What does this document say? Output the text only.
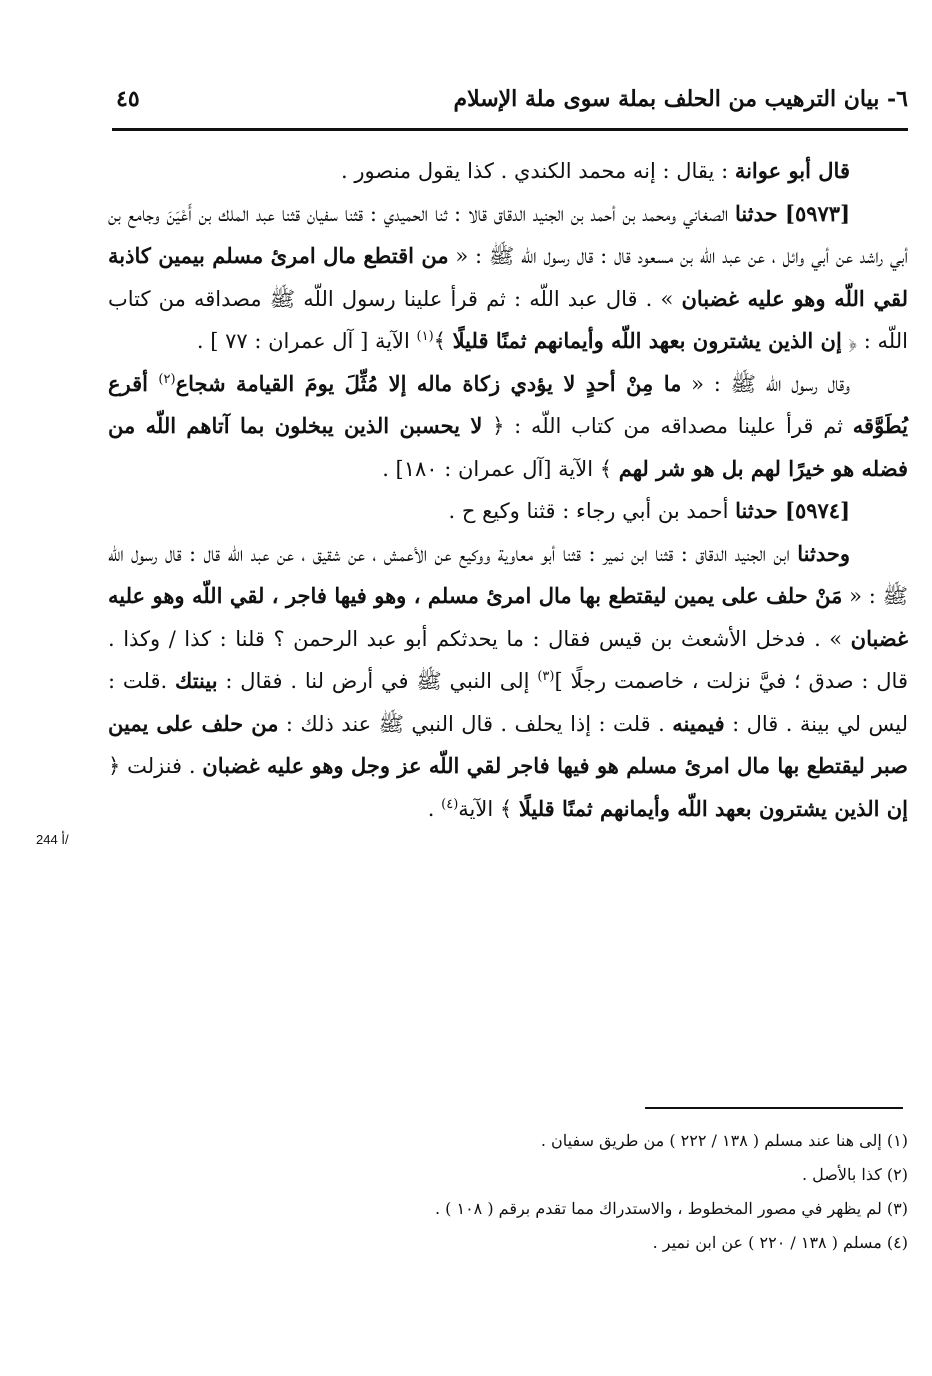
٦- بيان الترهيب من الحلف بملة سوى ملة الإسلام
٤٥
244 أ/

قال أبو عوانة : يقال : إنه محمد الكندي . كذا يقول منصور .

[٥٩٧٣] حدثنا الصغاني ومحمد بن أحمد بن الجنيد الدقاق قالا : ثنا الحميدي : قثنا سفيان قثنا عبد الملك بن أَعْيَنَ وجامع بن أبي راشد عن أبي وائل ، عن عبد اللّه بن مسعود قال : قال رسول اللّه ﷺ : « من اقتطع مال امرئ مسلم بيمين كاذبة لقي اللّه وهو عليه غضبان » . قال عبد اللّه : ثم قرأ علينا رسول اللّه ﷺ مصداقه من كتاب اللّه : ﴿ إن الذين يشترون بعهد اللّه وأيمانهم ثمنًا قليلًا ﴾$^{(١)}$ الآية [ آل عمران : ٧٧ ] .

وقال رسول اللّه ﷺ : « ما مِنْ أحدٍ لا يؤدي زكاة ماله إلا مُثِّلَ يومَ القيامة شجاع$^{(٢)}$ أقرع يُطَوَّقه ثم قرأ علينا مصداقه من كتاب اللّه : ﴿ لا يحسبن الذين يبخلون بما آتاهم اللّه من فضله هو خيرًا لهم بل هو شر لهم ﴾ الآية [آل عمران : ١٨٠] .

[٥٩٧٤] حدثنا أحمد بن أبي رجاء : قثنا وكيع ح .

وحدثنا ابن الجنيد الدقاق : قثنا ابن نمير : قثنا أبو معاوية ووكيع عن الأعمش ، عن شقيق ، عن عبد اللّه قال : قال رسول اللّه ﷺ : « مَنْ حلف على يمين ليقتطع بها مال امرئ مسلم ، وهو فيها فاجر ، لقي اللّه وهو عليه غضبان » . فدخل الأشعث بن قيس فقال : ما يحدثكم أبو عبد الرحمن ؟ قلنا : كذا / وكذا . قال : صدق ؛ فيَّ نزلت ، خاصمت رجلًا ]$^{(٣)}$ إلى النبي ﷺ في أرض لنا . فقال : بينتك .قلت : ليس لي بينة . قال : فيمينه . قلت : إذا يحلف . قال النبي ﷺ عند ذلك : من حلف على يمين صبر ليقتطع بها مال امرئ مسلم هو فيها فاجر لقي اللّه عز وجل وهو عليه غضبان . فنزلت ﴿ إن الذين يشترون بعهد اللّه وأيمانهم ثمنًا قليلًا ﴾ الآية$^{(٤)}$ .

(١) إلى هنا عند مسلم ( ١٣٨ / ٢٢٢ ) من طريق سفيان .

(٢) كذا بالأصل .

(٣) لم يظهر في مصور المخطوط ، والاستدراك مما تقدم برقم ( ١٠٨ ) .

(٤) مسلم ( ١٣٨ / ٢٢٠ ) عن ابن نمير .
